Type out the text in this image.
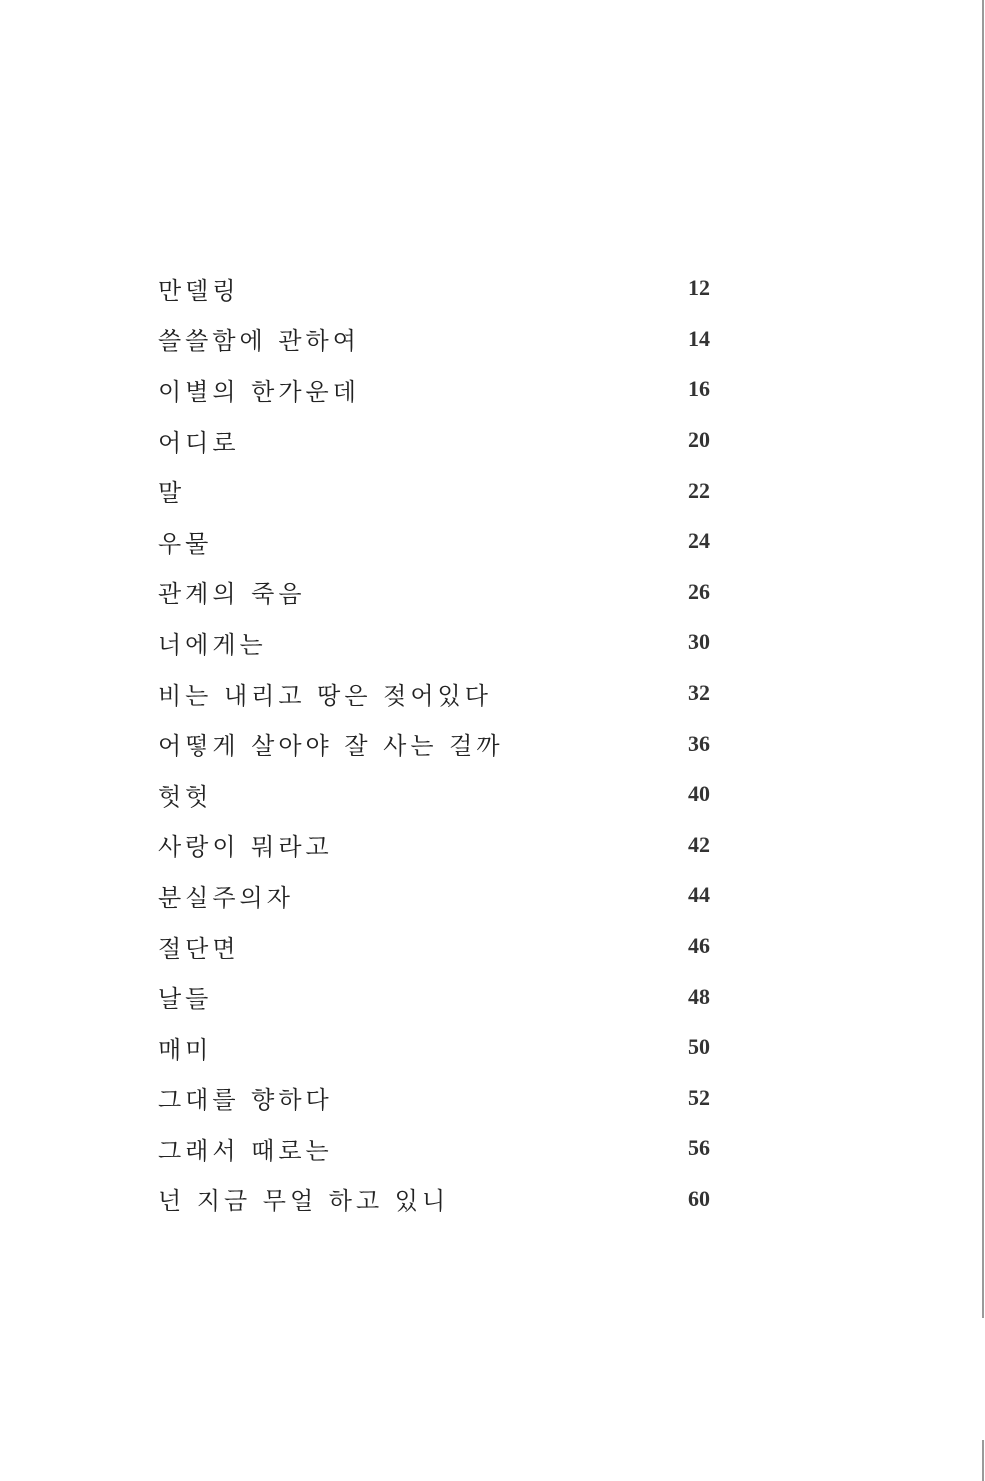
만델링	12
쓸쓸함에 관하여	14
이별의 한가운데	16
어디로	20
말	22
우물	24
관계의 죽음	26
너에게는	30
비는 내리고 땅은 젖어있다	32
어떻게 살아야 잘 사는 걸까	36
헛헛	40
사랑이 뭐라고	42
분실주의자	44
절단면	46
날들	48
매미	50
그대를 향하다	52
그래서 때로는	56
넌 지금 무얼 하고 있니	60
